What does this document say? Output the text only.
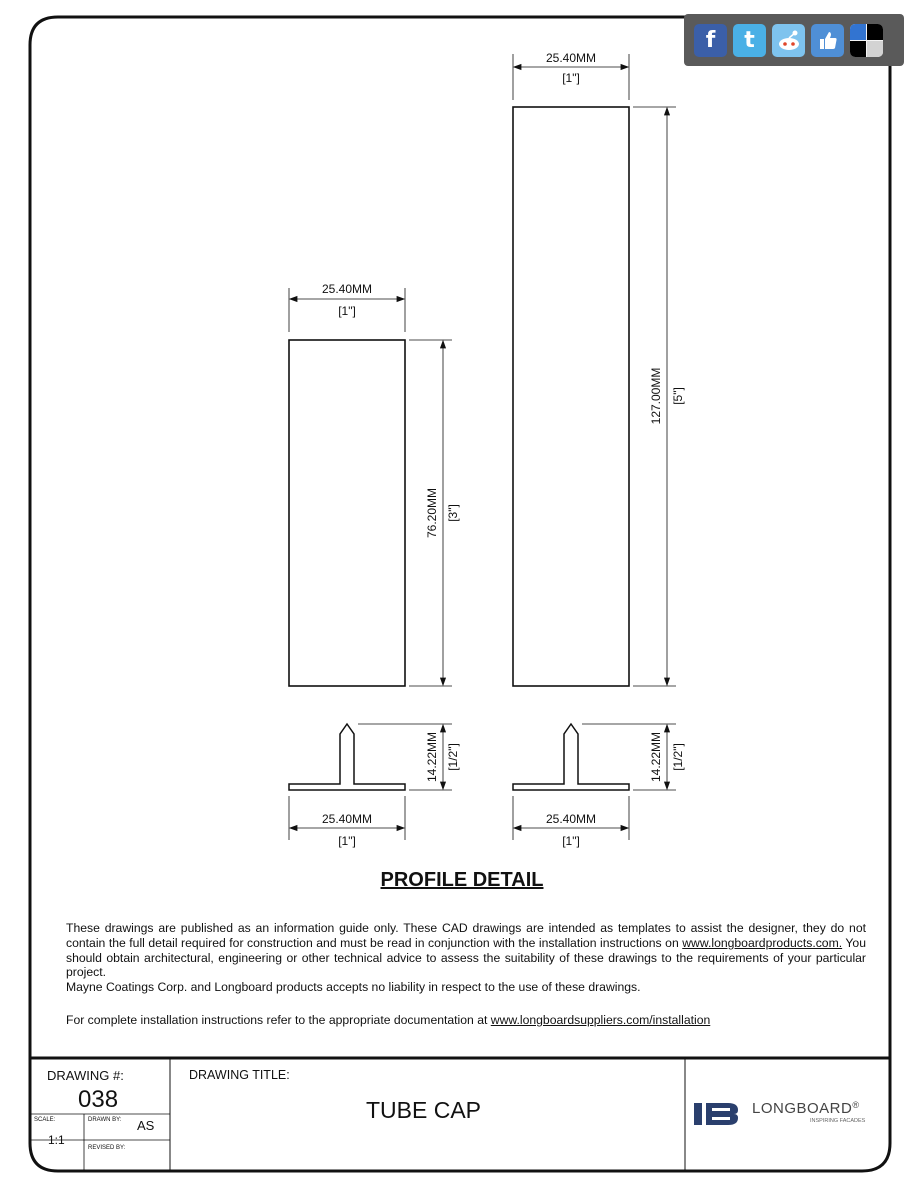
25.40MM
[1"]
127.00MM [5"]
25.40MM
[1"]
76.20MM [3"]
14.22MM [1/2"]
25.40MM
[1"]
14.22MM [1/2"]
25.40MM
[1"]
f t
PROFILE DETAIL

These drawings are published as an information guide only. These CAD drawings are intended as templates to assist the designer, they do not contain the full detail required for construction and must be read in conjunction with the installation instructions on www.longboardproducts.com. You should obtain architectural, engineering or other technical advice to assess the suitability of these drawings to the requirements of your particular project.

Mayne Coatings Corp. and Longboard products accepts no liability in respect to the use of these drawings.

For complete installation instructions refer to the appropriate documentation at www.longboardsuppliers.com/installation
DRAWING #:
038
SCALE:
1:1
DRAWN BY: AS
REVISED BY:
DRAWING TITLE:
TUBE CAP	LONGBOARD®
INSPIRING FACADES
